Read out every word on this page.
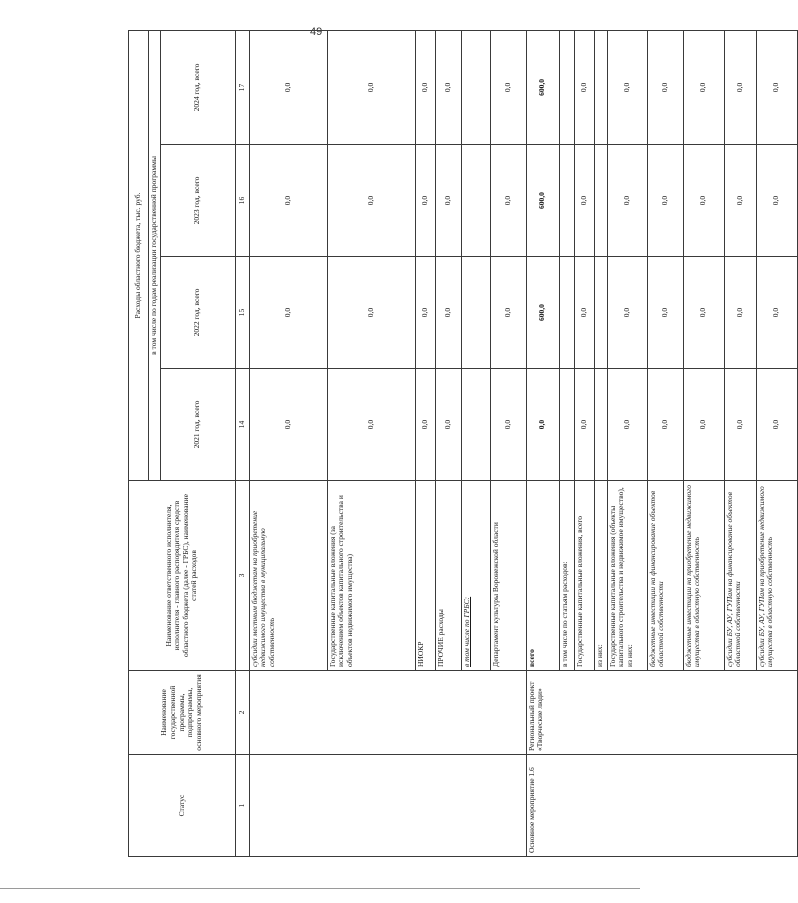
49
Статус	Наименование государственной программы, подпрограммы, основного мероприятия	Наименование ответственного исполнителя, исполнителя - главного распорядителя средств областного бюджета (далее - ГРБС), наименование статей расходов	Расходы областного бюджета, тыс. руб.			
			в том числе по годам реализации государственной программы			
			2021 год, всего	2022 год, всего	2023 год, всего	2024 год, всего
1	2	3	14	15	16	17
		субсидии местным бюджетам на приобретение недвижимого имущества в муниципальную собственность	0,0	0,0	0,0	0,0
		Государственные капитальные вложения (за исключением объектов капитального строительства и объектов недвижимого имущества)	0,0	0,0	0,0	0,0
		НИОКР	0,0	0,0	0,0	0,0
		ПРОЧИЕ расходы	0,0	0,0	0,0	0,0
		в том числе по ГРБС:				
		Департамент культуры Воронежской области	0,0	0,0	0,0	0,0
Основное мероприятие 1.6	Региональный проект «Творческие люди»	всего	0,0	600,0	600,0	600,0
		в том числе по статьям расходов:				
		Государственные капитальные вложения, всего	0,0	0,0	0,0	0,0
		из них:				
		Государственные капитальные вложения (объекты капитального строительства и недвижимое имущество), из них:	0,0	0,0	0,0	0,0
		бюджетные инвестиции на финансирование объектов областной собственности	0,0	0,0	0,0	0,0
		бюджетные инвестиции на приобретение недвижимого имущества в областную собственность	0,0	0,0	0,0	0,0
		субсидии БУ, АУ, ГУПам на финансирование объектов областной собственности	0,0	0,0	0,0	0,0
		субсидии БУ, АУ, ГУПам на приобретение недвижимого имущества в областную собственность	0,0	0,0	0,0	0,0
